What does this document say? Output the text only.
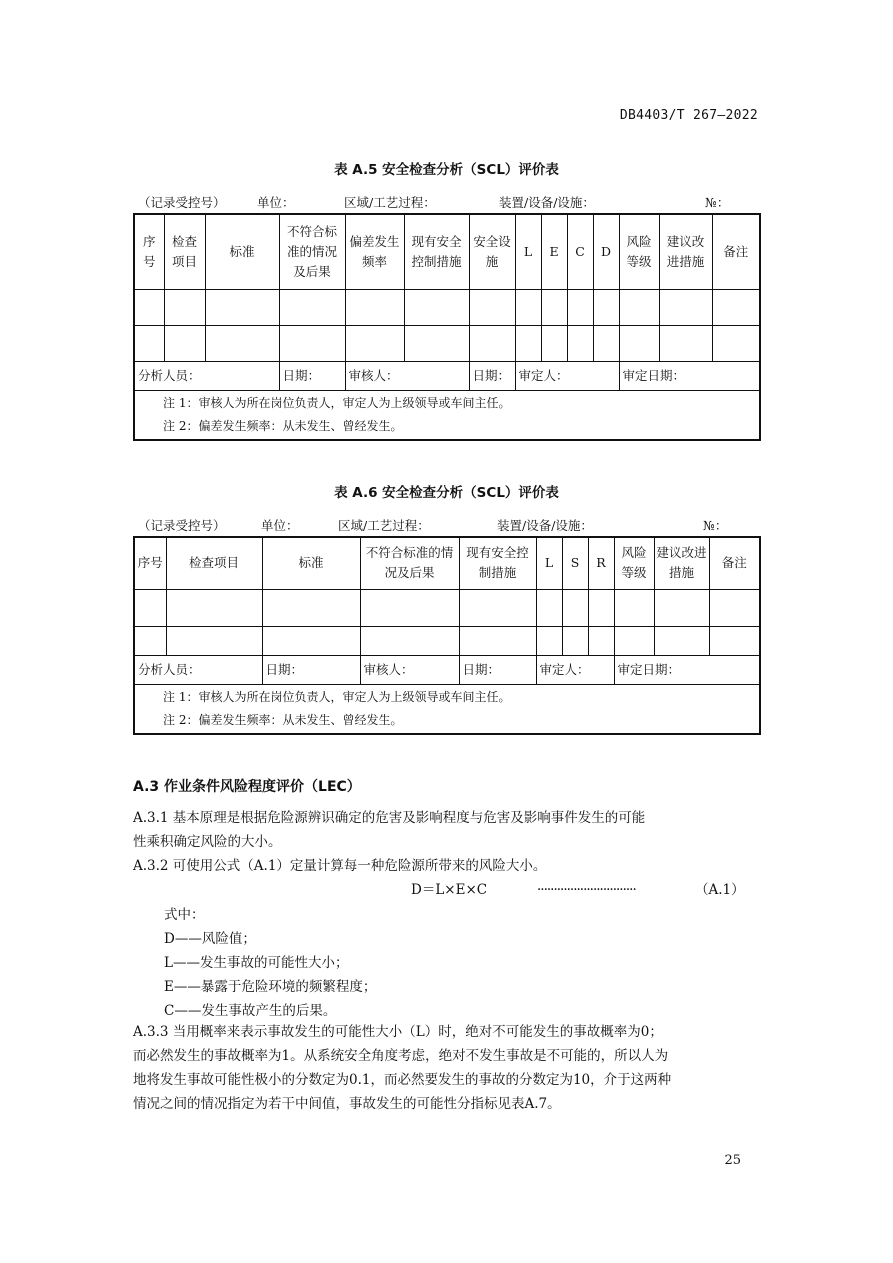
DB4403/T 267—2022
表 A.5 安全检查分析（SCL）评价表
（记录受控号）	单位：	区域/工艺过程：	装置/设备/设施：	№：
序号	检查项目	标准	不符合标准的情况及后果	偏差发生频率	现有安全控制措施	安全设施	L	E	C	D	风险等级	建议改进措施	备注

分析人员：			日期：	审核人：		日期：	审定人：				审定日期：		

注 1：审核人为所在岗位负责人，审定人为上级领导或车间主任。
注 2：偏差发生频率：从未发生、曾经发生。													
表 A.6 安全检查分析（SCL）评价表
（记录受控号）	单位：	区域/工艺过程：	装置/设备/设施：	№：
序号	检查项目	标准	不符合标准的情况及后果	现有安全控制措施	L	S	R	风险等级	建议改进措施	备注

分析人员：		日期：	审核人：	日期：	审定人：			审定日期：		

注 1：审核人为所在岗位负责人，审定人为上级领导或车间主任。
注 2：偏差发生频率：从未发生、曾经发生。										
A.3 作业条件风险程度评价（LEC）
A.3.1 基本原理是根据危险源辨识确定的危害及影响程度与危害及影响事件发生的可能
性乘积确定风险的大小。
A.3.2 可使用公式（A.1）定量计算每一种危险源所带来的风险大小。
D＝L×E×C	······························	（A.1）
式中：
D——风险值；
L——发生事故的可能性大小；
E——暴露于危险环境的频繁程度；
C——发生事故产生的后果。
A.3.3 当用概率来表示事故发生的可能性大小（L）时，绝对不可能发生的事故概率为0；
而必然发生的事故概率为1。从系统安全角度考虑，绝对不发生事故是不可能的，所以人为
地将发生事故可能性极小的分数定为0.1，而必然要发生的事故的分数定为10，介于这两种
情况之间的情况指定为若干中间值，事故发生的可能性分指标见表A.7。
25
